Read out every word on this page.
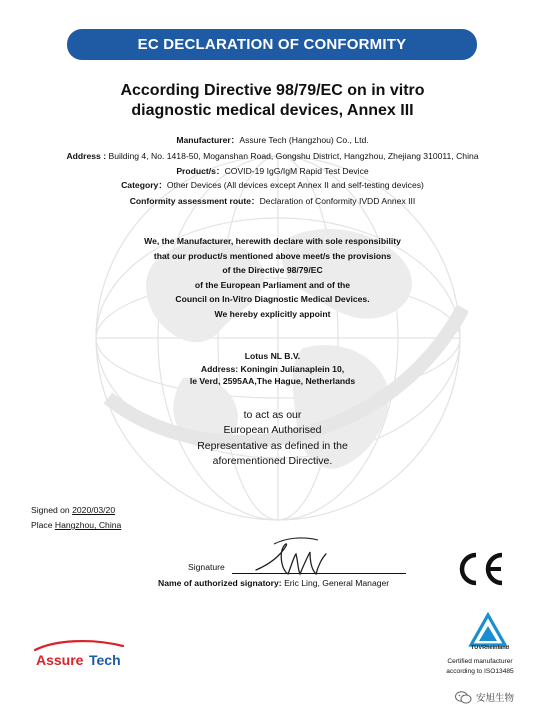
EC DECLARATION OF CONFORMITY
According Directive 98/79/EC on in vitro
diagnostic medical devices, Annex III
Manufacturer：Assure Tech (Hangzhou) Co., Ltd.
Address : Building 4, No. 1418-50, Moganshan Road, Gongshu District, Hangzhou, Zhejiang 310011, China
Product/s：COVID-19 IgG/IgM Rapid Test Device
Category：Other Devices (All devices except Annex II and self-testing devices)
Conformity assessment route：Declaration of Conformity IVDD Annex III
We, the Manufacturer, herewith declare with sole responsibility
that our product/s mentioned above meet/s the provisions
of the Directive 98/79/EC
of the European Parliament and of the
Council on In-Vitro Diagnostic Medical Devices.
We hereby explicitly appoint
Lotus NL B.V.
Address: Koningin Julianaplein 10,
le Verd, 2595AA,The Hague, Netherlands
to act as our
European Authorised
Representative as defined in the
aforementioned Directive.
Signed on 2020/03/20
Place Hangzhou, China
Signature
Name of authorized signatory: Eric Ling, General Manager
TÜVRheinland
Certified manufacturer
according to ISO13485
Assure Tech
安旭生物
